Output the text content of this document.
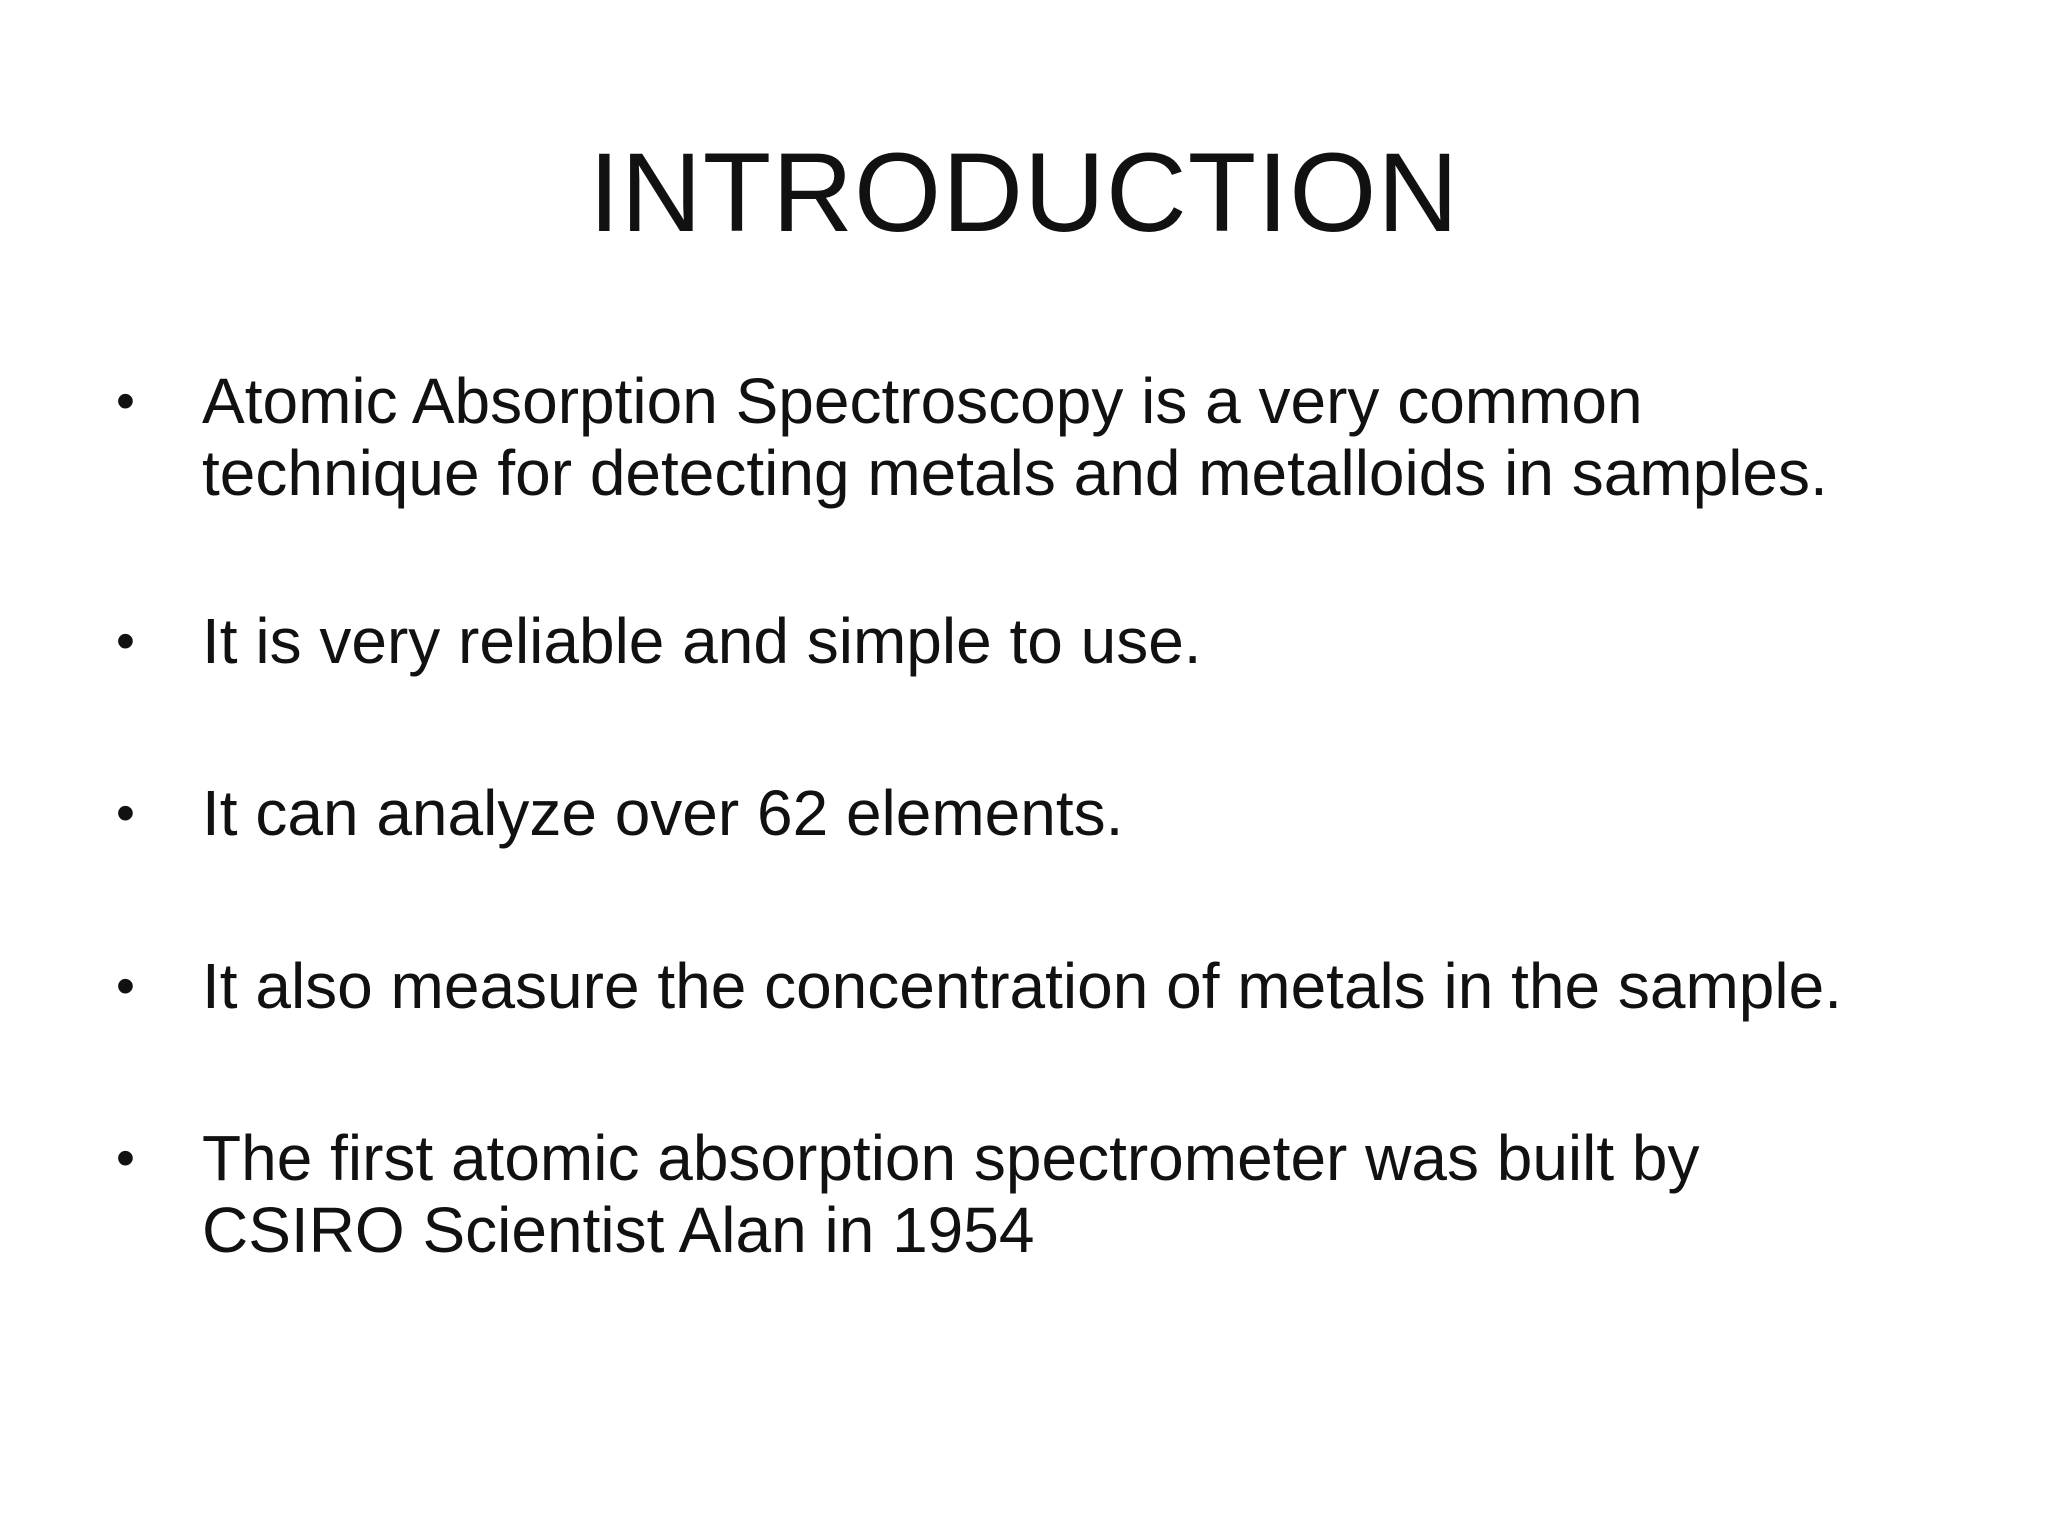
INTRODUCTION
•	Atomic Absorption Spectroscopy is a very common
technique for detecting metals and metalloids in samples.
•	It is very reliable and simple to use.
•	It can analyze over 62 elements.
•	It also measure the concentration of metals in the sample.
•	The first atomic absorption spectrometer was built by
CSIRO Scientist Alan in 1954
